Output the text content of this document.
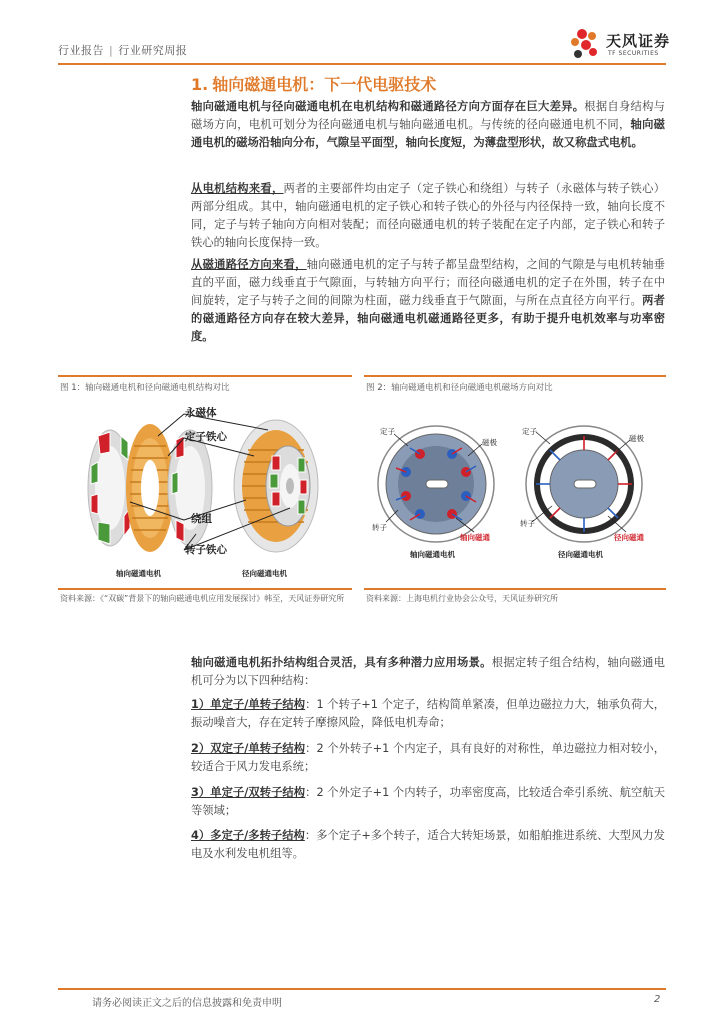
行业报告 | 行业研究周报
天风证券
TF SECURITIES
1. 轴向磁通电机：下一代电驱技术
轴向磁通电机与径向磁通电机在电机结构和磁通路径方向方面存在巨大差异。根据自身结构与磁场方向，电机可划分为径向磁通电机与轴向磁通电机。与传统的径向磁通电机不同，轴向磁通电机的磁场沿轴向分布，气隙呈平面型，轴向长度短，为薄盘型形状，故又称盘式电机。
从电机结构来看，两者的主要部件均由定子（定子铁心和绕组）与转子（永磁体与转子铁心）两部分组成。其中，轴向磁通电机的定子铁心和转子铁心的外径与内径保持一致，轴向长度不同，定子与转子轴向方向相对装配；而径向磁通电机的转子装配在定子内部，定子铁心和转子铁心的轴向长度保持一致。
从磁通路径方向来看，轴向磁通电机的定子与转子都呈盘型结构，之间的气隙是与电机转轴垂直的平面，磁力线垂直于气隙面，与转轴方向平行；而径向磁通电机的定子在外围，转子在中间旋转，定子与转子之间的间隙为柱面，磁力线垂直于气隙面，与所在点直径方向平行。两者的磁通路径方向存在较大差异，轴向磁通电机磁通路径更多，有助于提升电机效率与功率密度。
图 1：轴向磁通电机和径向磁通电机结构对比
永磁体
定子铁心
绕组
转子铁心
轴向磁通电机	径向磁通电机
资料来源：《“双碳”背景下的轴向磁通电机应用发展探讨》帏至，天风证券研究所
图 2：轴向磁通电机和径向磁通电机磁场方向对比
定子
磁极
转子
轴向磁通
定子
磁极
转子
径向磁通
轴向磁通电机	径向磁通电机
资料来源：上海电机行业协会公众号，天风证券研究所
轴向磁通电机拓扑结构组合灵活，具有多种潜力应用场景。根据定转子组合结构，轴向磁通电机可分为以下四种结构：
1）单定子/单转子结构：1 个转子+1 个定子，结构简单紧凑，但单边磁拉力大，轴承负荷大，振动噪音大，存在定转子摩擦风险，降低电机寿命；
2）双定子/单转子结构：2 个外转子+1 个内定子，具有良好的对称性，单边磁拉力相对较小，较适合于风力发电系统；
3）单定子/双转子结构：2 个外定子+1 个内转子，功率密度高，比较适合牵引系统、航空航天等领域；
4）多定子/多转子结构：多个定子+多个转子，适合大转矩场景，如船舶推进系统、大型风力发电及水利发电机组等。
请务必阅读正文之后的信息披露和免责申明	2
